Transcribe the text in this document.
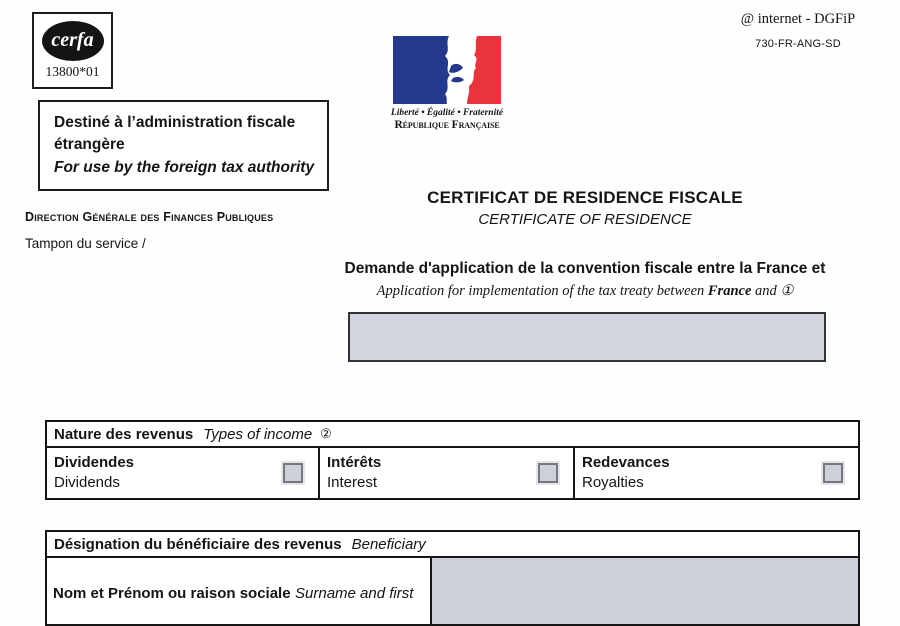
cerfa
13800*01
@ internet - DGFiP
730-FR-ANG-SD
Liberté • Égalité • Fraternité
République Française
Destiné à l’administration fiscale étrangère
For use by the foreign tax authority
Direction Générale des Finances Publiques
Tampon du service /
CERTIFICAT DE RESIDENCE FISCALE
CERTIFICATE OF RESIDENCE
Demande d'application de la convention fiscale entre la France et
Application for implementation of the tax treaty between France and ①
Nature des revenus Types of income ②
Dividendes
Dividends
Intérêts
Interest
Redevances
Royalties
Désignation du bénéficiaire des revenus Beneficiary
Nom et Prénom ou raison sociale Surname and first
